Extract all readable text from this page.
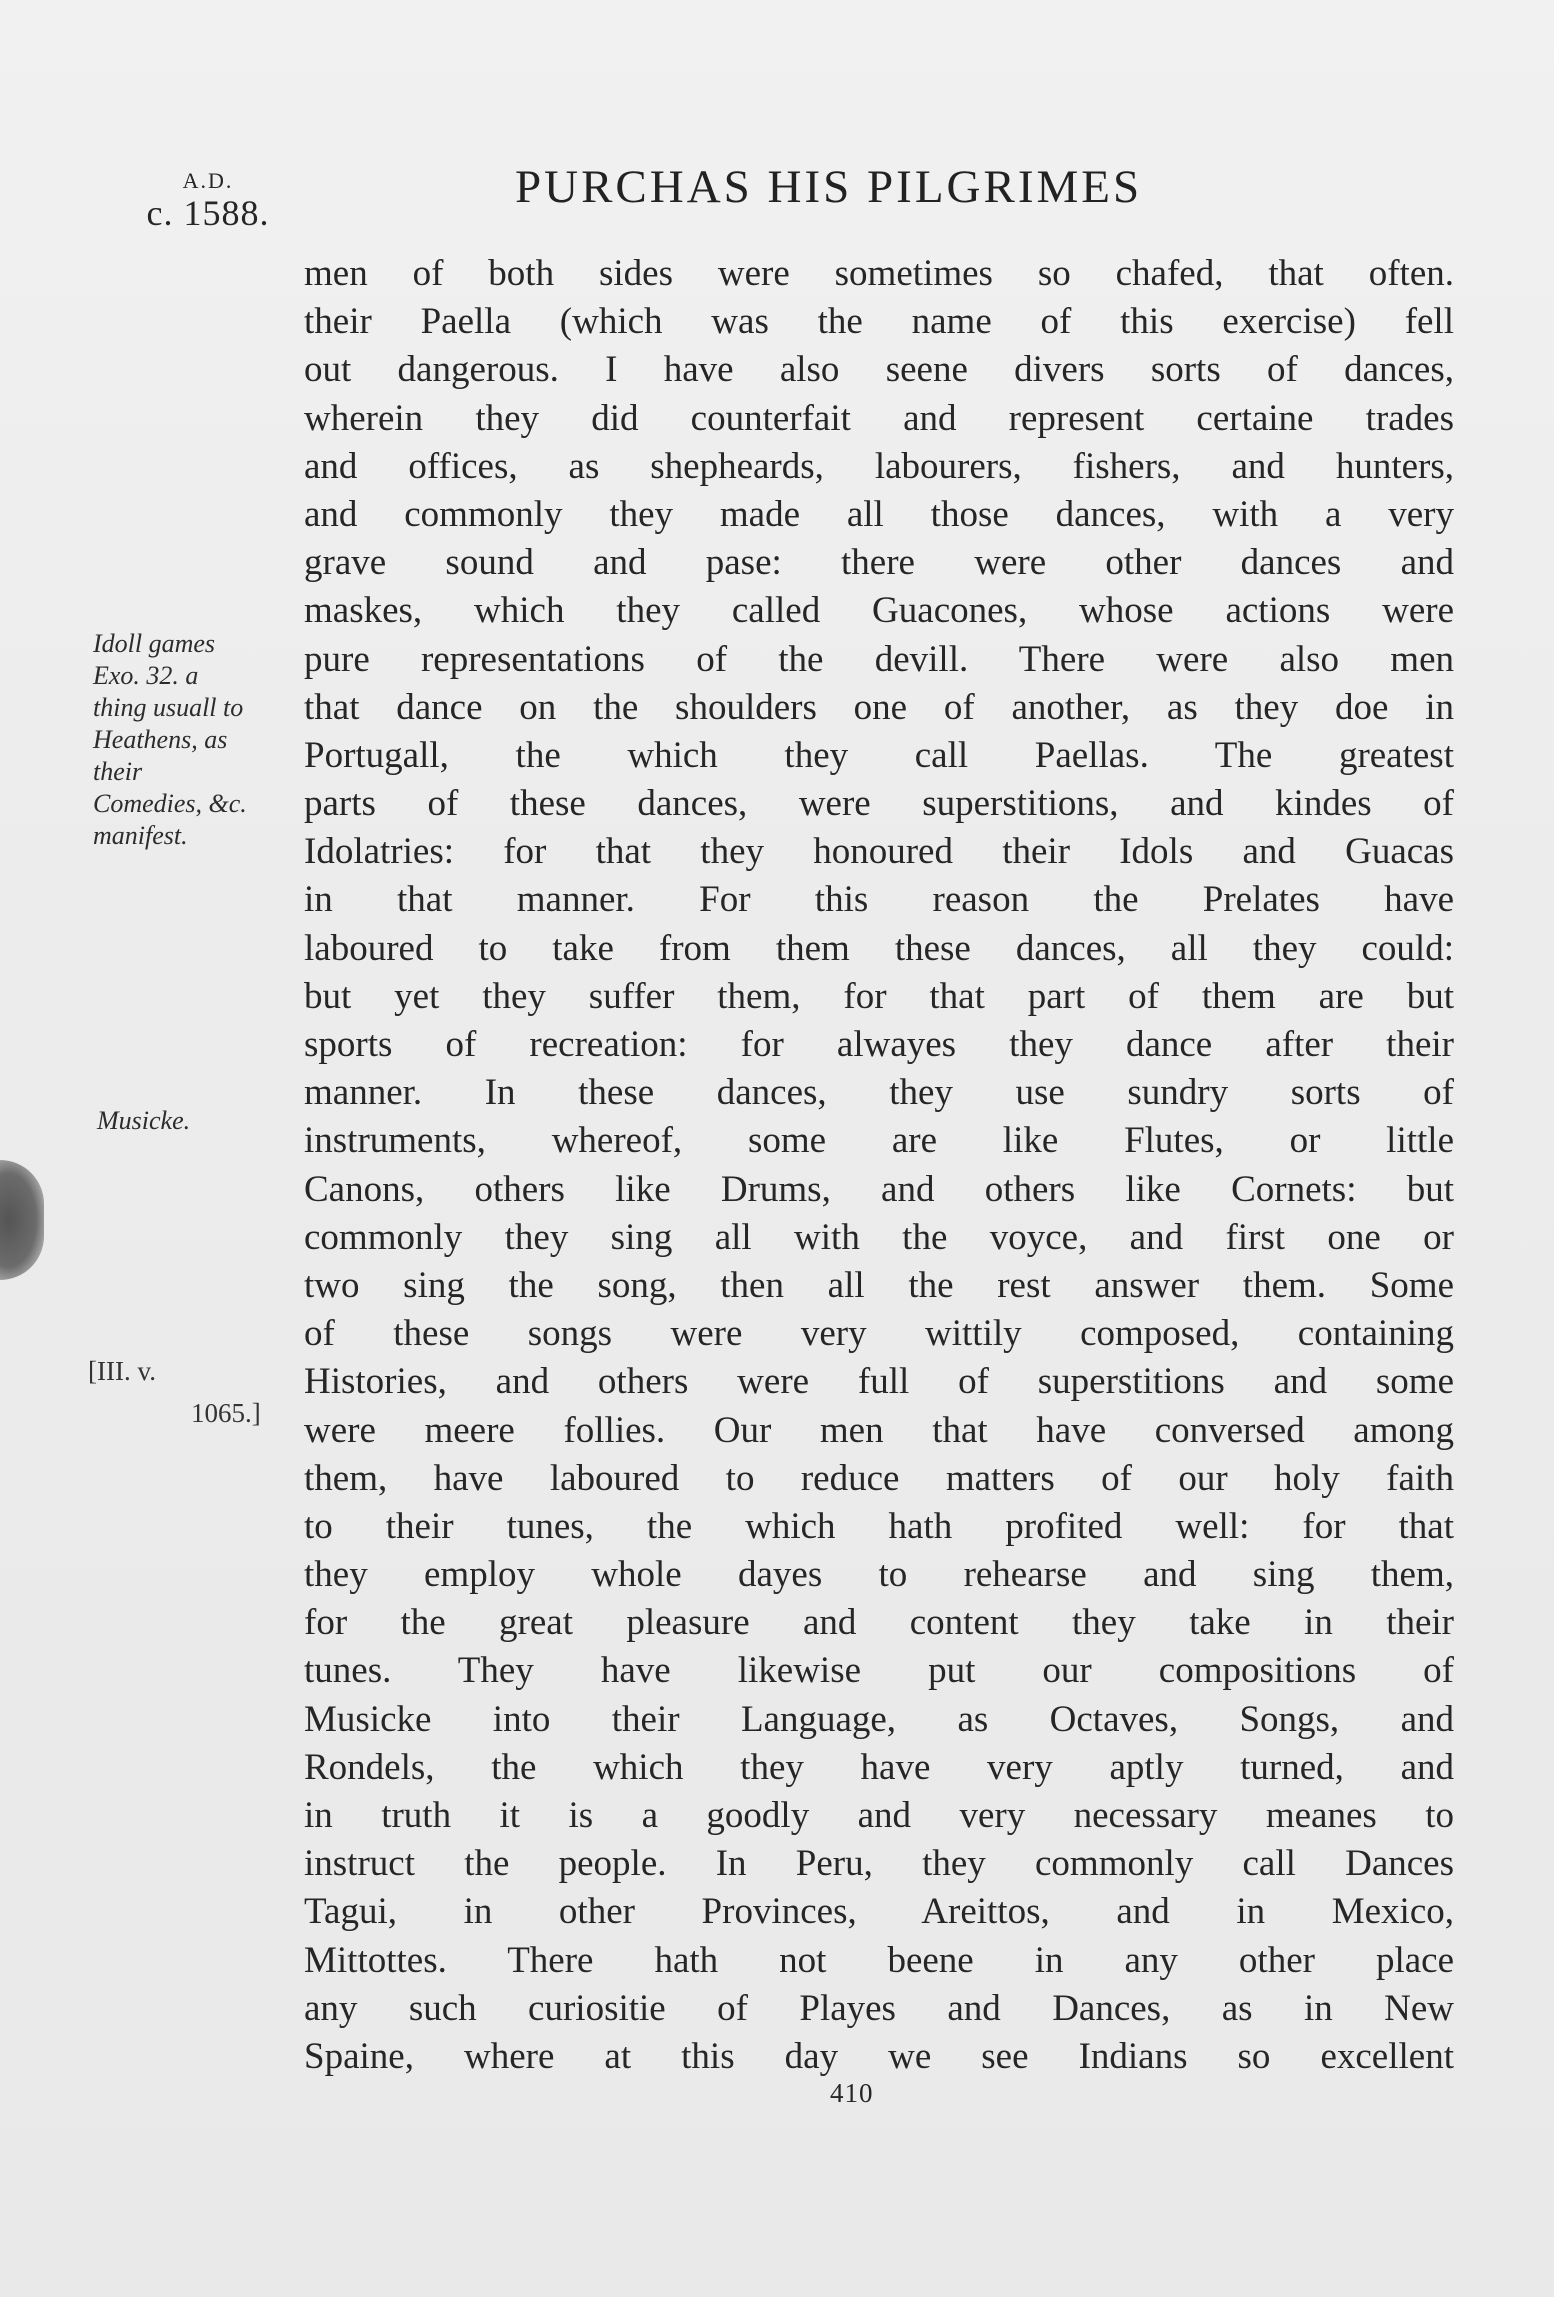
A.D.
c. 1588.
PURCHAS HIS PILGRIMES
men of both sides were sometimes so chafed, that often.
their Paella (which was the name of this exercise) fell
out dangerous. I have also seene divers sorts of dances,
wherein they did counterfait and represent certaine trades
and offices, as shepheards, labourers, fishers, and hunters,
and commonly they made all those dances, with a very
grave sound and pase: there were other dances and
maskes, which they called Guacones, whose actions were
pure representations of the devill. There were also men
that dance on the shoulders one of another, as they doe in
Portugall, the which they call Paellas. The greatest
parts of these dances, were superstitions, and kindes of
Idolatries: for that they honoured their Idols and Guacas
in that manner. For this reason the Prelates have
laboured to take from them these dances, all they could:
but yet they suffer them, for that part of them are but
sports of recreation: for alwayes they dance after their
manner. In these dances, they use sundry sorts of
instruments, whereof, some are like Flutes, or little
Canons, others like Drums, and others like Cornets: but
commonly they sing all with the voyce, and first one or
two sing the song, then all the rest answer them. Some
of these songs were very wittily composed, containing
Histories, and others were full of superstitions and some
were meere follies. Our men that have conversed among
them, have laboured to reduce matters of our holy faith
to their tunes, the which hath profited well: for that
they employ whole dayes to rehearse and sing them,
for the great pleasure and content they take in their
tunes. They have likewise put our compositions of
Musicke into their Language, as Octaves, Songs, and
Rondels, the which they have very aptly turned, and
in truth it is a goodly and very necessary meanes to
instruct the people. In Peru, they commonly call Dances
Tagui, in other Provinces, Areittos, and in Mexico,
Mittottes. There hath not beene in any other place
any such curiositie of Playes and Dances, as in New
Spaine, where at this day we see Indians so excellent
Idoll games
Exo. 32. a
thing usuall to
Heathens, as
their
Comedies, &c.
manifest.
Musicke.
[III. v.
1065.]
410
